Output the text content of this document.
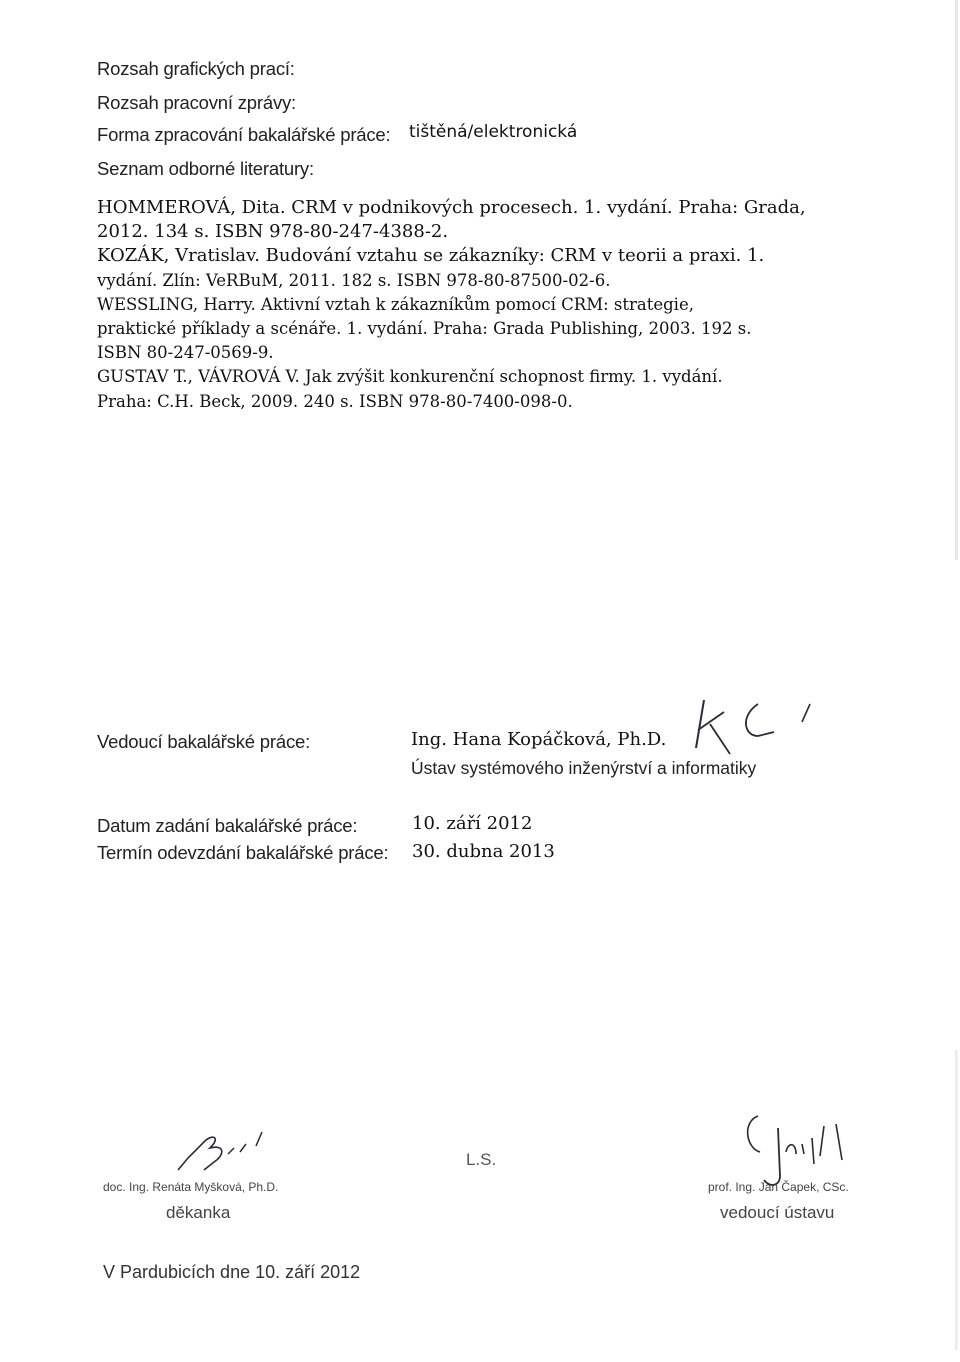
Rozsah grafických prací:
Rozsah pracovní zprávy:
Forma zpracování bakalářské práce: tištěná/elektronická
Seznam odborné literatury:
HOMMEROVÁ, Dita. CRM v podnikových procesech. 1. vydání. Praha: Grada,
2012. 134 s. ISBN 978-80-247-4388-2.
KOZÁK, Vratislav. Budování vztahu se zákazníky: CRM v teorii a praxi. 1.
vydání. Zlín: VeRBuM, 2011. 182 s. ISBN 978-80-87500-02-6.
WESSLING, Harry. Aktivní vztah k zákazníkům pomocí CRM: strategie,
praktické příklady a scénáře. 1. vydání. Praha: Grada Publishing, 2003. 192 s.
ISBN 80-247-0569-9.
GUSTAV T., VÁVROVÁ V. Jak zvýšit konkurenční schopnost firmy. 1. vydání.
Praha: C.H. Beck, 2009. 240 s. ISBN 978-80-7400-098-0.
Vedoucí bakalářské práce:	Ing. Hana Kopáčková, Ph.D.
Ústav systémového inženýrství a informatiky
Datum zadání bakalářské práce:	10. září 2012
Termín odevzdání bakalářské práce: 30. dubna 2013
doc. Ing. Renáta Myšková, Ph.D.
děkanka
L.S.
prof. Ing. Jan Čapek, CSc.
vedoucí ústavu
V Pardubicích dne 10. září 2012
